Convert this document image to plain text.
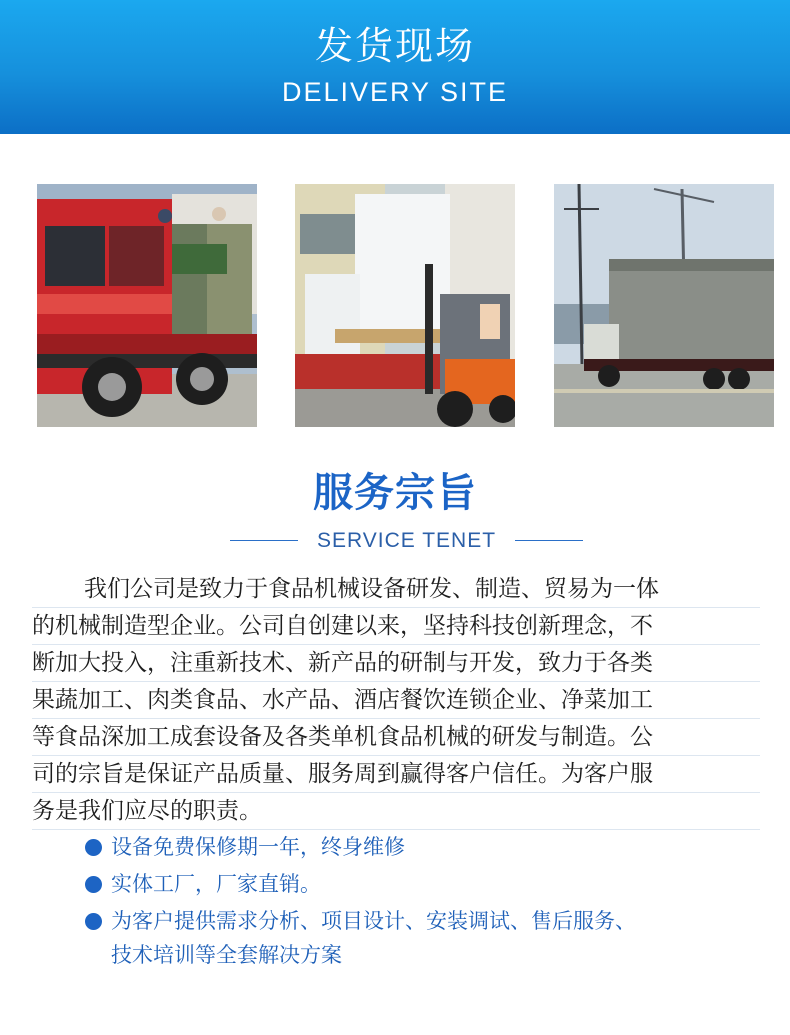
发货现场
DELIVERY SITE
服务宗旨
SERVICE TENET
我们公司是致力于食品机械设备研发、制造、贸易为一体
的机械制造型企业。公司自创建以来，坚持科技创新理念，不
断加大投入，注重新技术、新产品的研制与开发，致力于各类
果蔬加工、肉类食品、水产品、酒店餐饮连锁企业、净菜加工
等食品深加工成套设备及各类单机食品机械的研发与制造。公
司的宗旨是保证产品质量、服务周到赢得客户信任。为客户服
务是我们应尽的职责。
设备免费保修期一年，终身维修
实体工厂，厂家直销。
为客户提供需求分析、项目设计、安装调试、售后服务、
技术培训等全套解决方案
